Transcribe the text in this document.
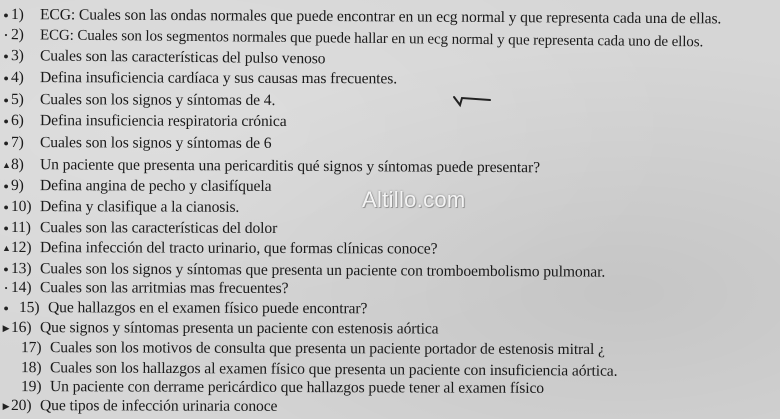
● 1) ECG: Cuales son las ondas normales que puede encontrar en un ecg normal y que representa cada una de ellas.
• 2) ECG: Cuales son los segmentos normales que puede hallar en un ecg normal y que representa cada uno de ellos.
● 3) Cuales son las características del pulso venoso
● 4) Defina insuficiencia cardíaca y sus causas mas frecuentes.
● 5) Cuales son los signos y síntomas de 4.
● 6) Defina insuficiencia respiratoria crónica
● 7) Cuales son los signos y síntomas de 6
▲8) Un paciente que presenta una pericarditis qué signos y síntomas puede presentar?
● 9) Defina angina de pecho y clasifíquela
● 10) Defina y clasifique a la cianosis.
● 11) Cuales son las características del dolor
▲12) Defina infección del tracto urinario, que formas clínicas conoce?
● 13) Cuales son los signos y síntomas que presenta un paciente con tromboembolismo pulmonar.
• 14) Cuales son las arritmias mas frecuentes?
● 15) Que hallazgos en el examen físico puede encontrar?
▶16) Que signos y síntomas presenta un paciente con estenosis aórtica
17) Cuales son los motivos de consulta que presenta un paciente portador de estenosis mitral ¿
18) Cuales son los hallazgos al examen físico que presenta un paciente con insuficiencia aórtica.
19) Un paciente con derrame pericárdico que hallazgos puede tener al examen físico
▶20) Que tipos de infección urinaria conoce
Altillo.com
